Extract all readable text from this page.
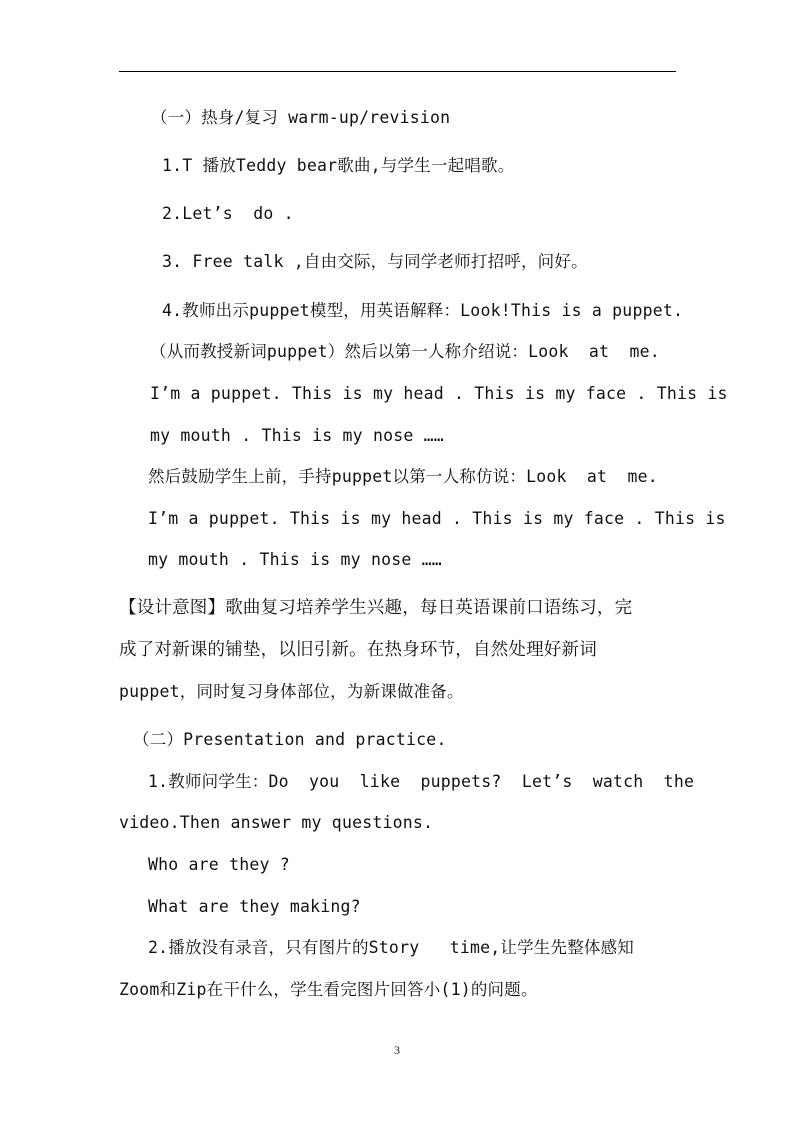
（一）热身/复习 warm-up/revision
1.T 播放Teddy bear歌曲,与学生一起唱歌。
2.Let’s  do .
3. Free talk ,自由交际，与同学老师打招呼，问好。
4.教师出示puppet模型，用英语解释：Look!This is a puppet.
（从而教授新词puppet）然后以第一人称介绍说：Look  at  me.
I’m a puppet. This is my head . This is my face . This is
my mouth . This is my nose ……
然后鼓励学生上前，手持puppet以第一人称仿说：Look  at  me.
I’m a puppet. This is my head . This is my face . This is
my mouth . This is my nose ……
【设计意图】歌曲复习培养学生兴趣，每日英语课前口语练习，完
成了对新课的铺垫，以旧引新。在热身环节，自然处理好新词
puppet，同时复习身体部位，为新课做准备。
（二）Presentation and practice.
1.教师问学生：Do  you  like  puppets?  Let’s  watch  the
video.Then answer my questions.
Who are they ?
What are they making?
2.播放没有录音，只有图片的Story   time,让学生先整体感知
Zoom和Zip在干什么，学生看完图片回答小(1)的问题。
3
